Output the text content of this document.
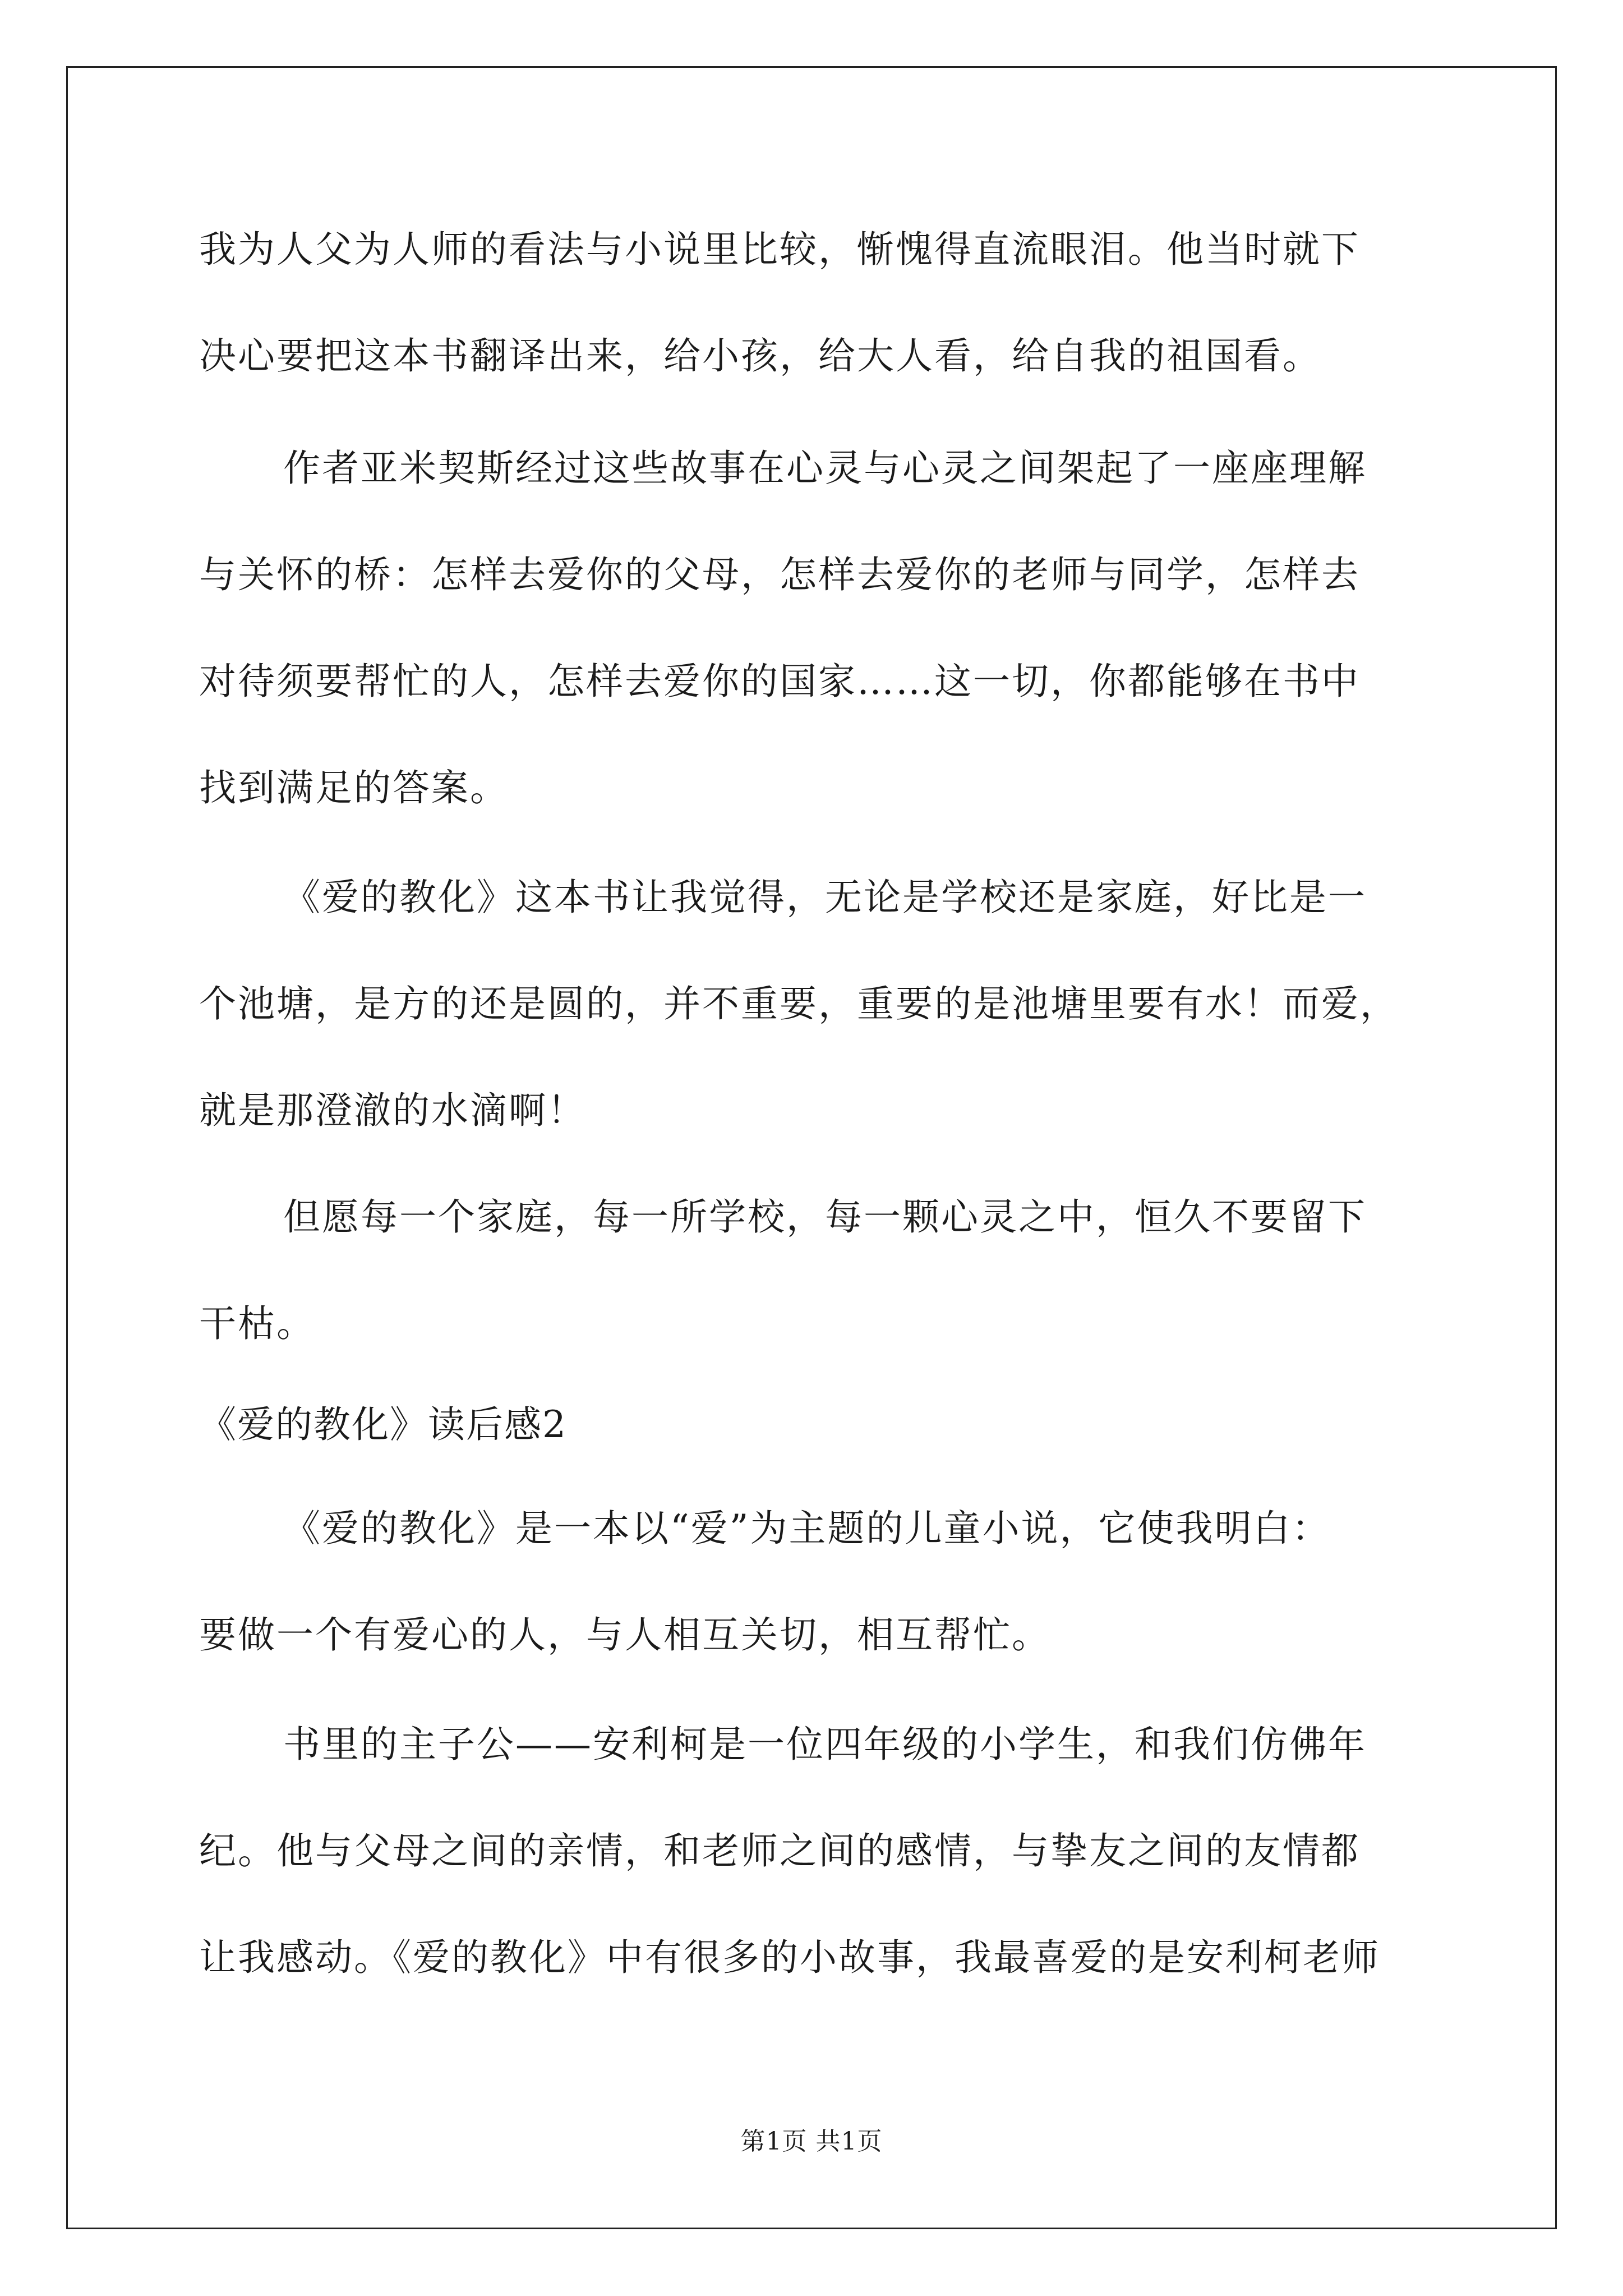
我为人父为人师的看法与小说里比较，惭愧得直流眼泪。他当时就下
决心要把这本书翻译出来，给小孩，给大人看，给自我的祖国看。
作者亚米契斯经过这些故事在心灵与心灵之间架起了一座座理解
与关怀的桥：怎样去爱你的父母，怎样去爱你的老师与同学，怎样去
对待须要帮忙的人，怎样去爱你的国家……这一切，你都能够在书中
找到满足的答案。
《爱的教化》这本书让我觉得，无论是学校还是家庭，好比是一
个池塘，是方的还是圆的，并不重要，重要的是池塘里要有水！而爱，
就是那澄澈的水滴啊！
但愿每一个家庭，每一所学校，每一颗心灵之中，恒久不要留下
干枯。
《爱的教化》读后感2
《爱的教化》是一本以“爱”为主题的儿童小说，它使我明白：
要做一个有爱心的人，与人相互关切，相互帮忙。
书里的主子公——安利柯是一位四年级的小学生，和我们仿佛年
纪。他与父母之间的亲情，和老师之间的感情，与挚友之间的友情都
让我感动。《爱的教化》中有很多的小故事，我最喜爱的是安利柯老师
第1页 共1页
